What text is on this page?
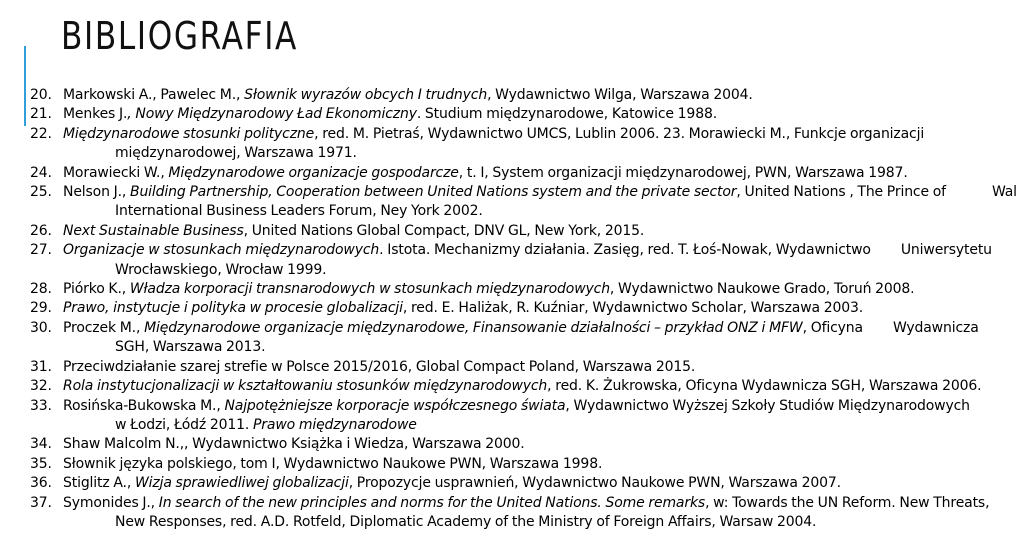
BIBLIOGRAFIA
20. Markowski A., Pawelec M., Słownik wyrazów obcych I trudnych, Wydawnictwo Wilga, Warszawa 2004.
21. Menkes J., Nowy Międzynarodowy Ład Ekonomiczny. Studium międzynarodowe, Katowice 1988.
22. Międzynarodowe stosunki polityczne, red. M. Pietraś, Wydawnictwo UMCS, Lublin 2006. 23. Morawiecki M., Funkcje organizacji
międzynarodowej, Warszawa 1971.
24. Morawiecki W., Międzynarodowe organizacje gospodarcze, t. I, System organizacji międzynarodowej, PWN, Warszawa 1987.
25. Nelson J., Building Partnership, Cooperation between United Nations system and the private sector, United Nations , The Prince of	Wal
International Business Leaders Forum, Ney York 2002.
26. Next Sustainable Business, United Nations Global Compact, DNV GL, New York, 2015.
27. Organizacje w stosunkach międzynarodowych. Istota. Mechanizmy działania. Zasięg, red. T. Łoś-Nowak, Wydawnictwo Uniwersytetu
Wrocławskiego, Wrocław 1999.
28. Piórko K., Władza korporacji transnarodowych w stosunkach międzynarodowych, Wydawnictwo Naukowe Grado, Toruń 2008.
29. Prawo, instytucje i polityka w procesie globalizacji, red. E. Haliżak, R. Kuźniar, Wydawnictwo Scholar, Warszawa 2003.
30. Proczek M., Międzynarodowe organizacje międzynarodowe, Finansowanie działalności – przykład ONZ i MFW, Oficyna Wydawnicza
SGH, Warszawa 2013.
31. Przeciwdziałanie szarej strefie w Polsce 2015/2016, Global Compact Poland, Warszawa 2015.
32. Rola instytucjonalizacji w kształtowaniu stosunków międzynarodowych, red. K. Żukrowska, Oficyna Wydawnicza SGH, Warszawa 2006.
33. Rosińska-Bukowska M., Najpotężniejsze korporacje współczesnego świata, Wydawnictwo Wyższej Szkoły Studiów Międzynarodowych
w Łodzi, Łódź 2011. Prawo międzynarodowe
34. Shaw Malcolm N.,, Wydawnictwo Książka i Wiedza, Warszawa 2000.
35. Słownik języka polskiego, tom I, Wydawnictwo Naukowe PWN, Warszawa 1998.
36. Stiglitz A., Wizja sprawiedliwej globalizacji, Propozycje usprawnień, Wydawnictwo Naukowe PWN, Warszawa 2007.
37. Symonides J., In search of the new principles and norms for the United Nations. Some remarks, w: Towards the UN Reform. New Threats,
New Responses, red. A.D. Rotfeld, Diplomatic Academy of the Ministry of Foreign Affairs, Warsaw 2004.
